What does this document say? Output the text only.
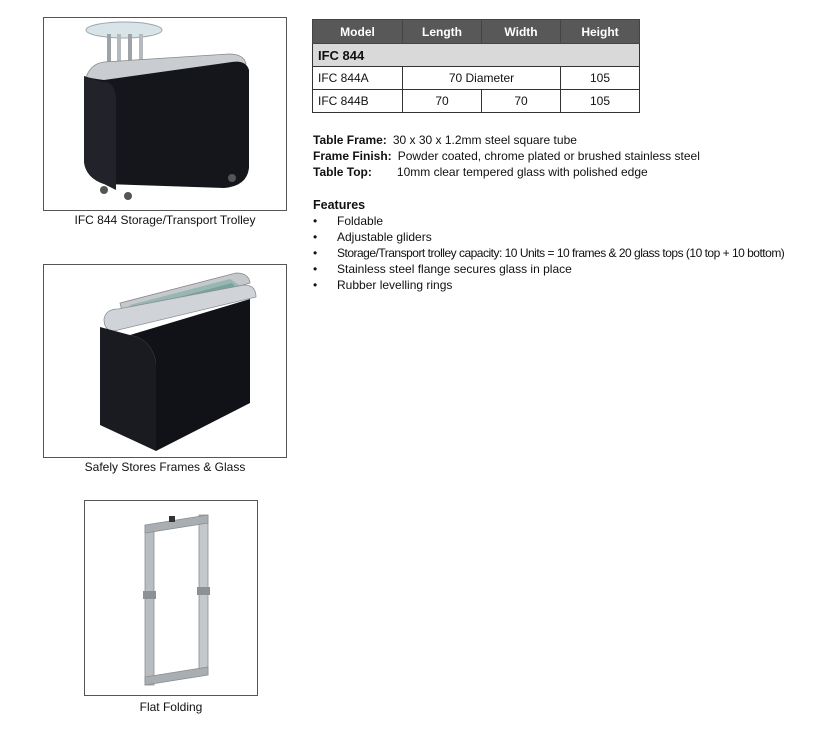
IFC 844 Storage/Transport Trolley
Safely Stores Frames & Glass
Flat Folding
Model	Length	Width	Height
IFC 844			
IFC 844A	70 Diameter		105
IFC 844B	70	70	105
Table Frame: 30 x 30 x 1.2mm steel square tube
Frame Finish: Powder coated, chrome plated or brushed stainless steel
Table Top: 10mm clear tempered glass with polished edge
Features
•	Foldable
•	Adjustable gliders
•	Storage/Transport trolley capacity: 10 Units = 10 frames & 20 glass tops (10 top + 10 bottom)
•	Stainless steel flange secures glass in place
•	Rubber levelling rings
